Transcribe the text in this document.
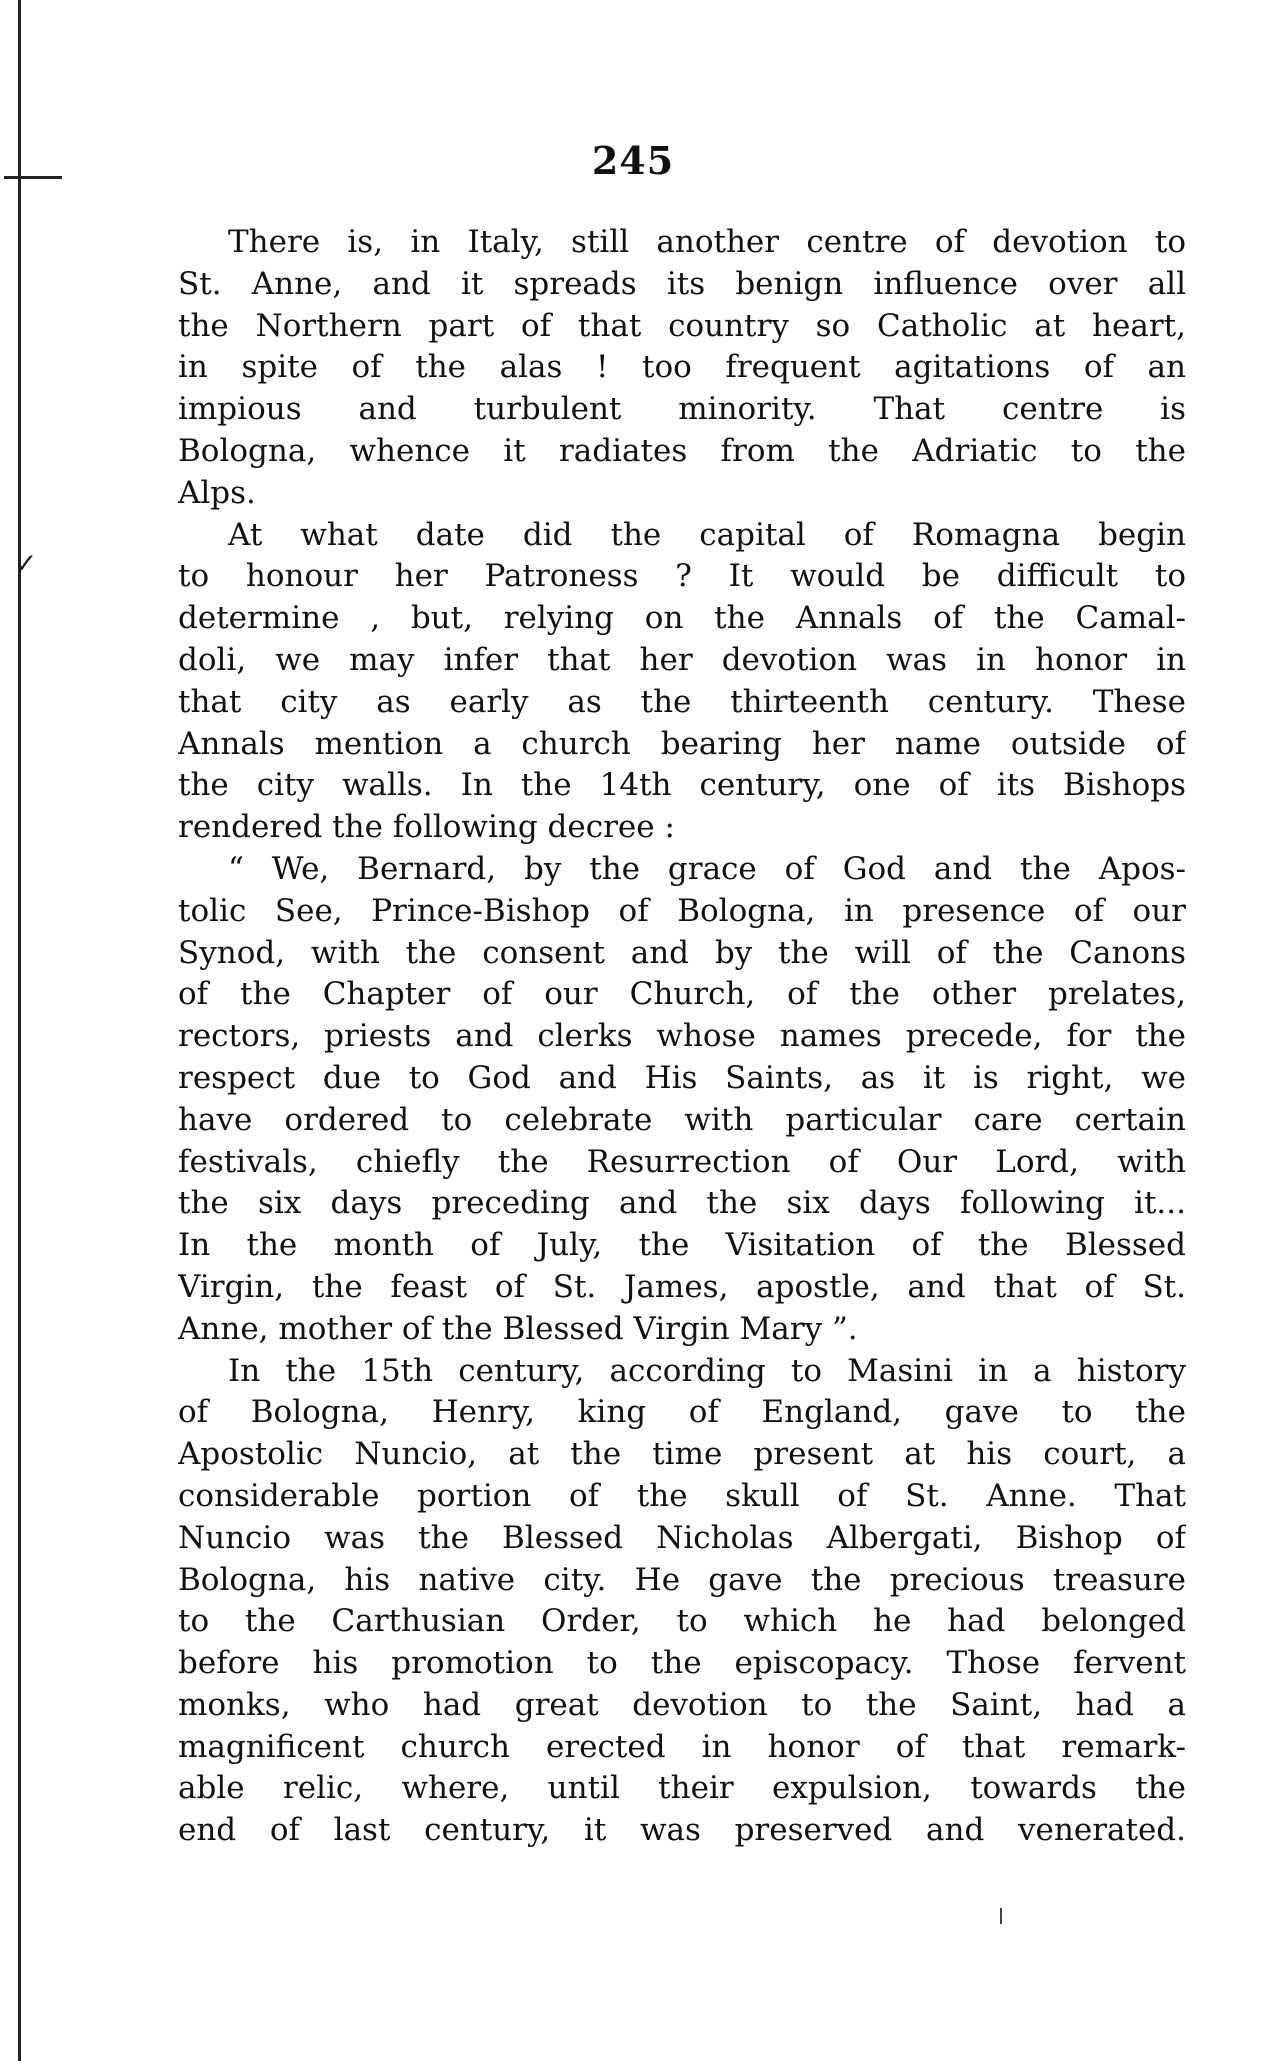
✓
245
There is, in Italy, still another centre of devotion to
St. Anne, and it spreads its benign influence over all
the Northern part of that country so Catholic at heart,
in spite of the alas ! too frequent agitations of an
impious and turbulent minority. That centre is
Bologna, whence it radiates from the Adriatic to the
Alps.
At what date did the capital of Romagna begin
to honour her Patroness ? It would be difficult to
determine , but, relying on the Annals of the Camal-
doli, we may infer that her devotion was in honor in
that city as early as the thirteenth century. These
Annals mention a church bearing her name outside of
the city walls. In the 14th century, one of its Bishops
rendered the following decree :
“ We, Bernard, by the grace of God and the Apos-
tolic See, Prince-Bishop of Bologna, in presence of our
Synod, with the consent and by the will of the Canons
of the Chapter of our Church, of the other prelates,
rectors, priests and clerks whose names precede, for the
respect due to God and His Saints, as it is right, we
have ordered to celebrate with particular care certain
festivals, chiefly the Resurrection of Our Lord, with
the six days preceding and the six days following it...
In the month of July, the Visitation of the Blessed
Virgin, the feast of St. James, apostle, and that of St.
Anne, mother of the Blessed Virgin Mary ”.
In the 15th century, according to Masini in a history
of Bologna, Henry, king of England, gave to the
Apostolic Nuncio, at the time present at his court, a
considerable portion of the skull of St. Anne. That
Nuncio was the Blessed Nicholas Albergati, Bishop of
Bologna, his native city. He gave the precious treasure
to the Carthusian Order, to which he had belonged
before his promotion to the episcopacy. Those fervent
monks, who had great devotion to the Saint, had a
magnificent church erected in honor of that remark-
able relic, where, until their expulsion, towards the
end of last century, it was preserved and venerated.
